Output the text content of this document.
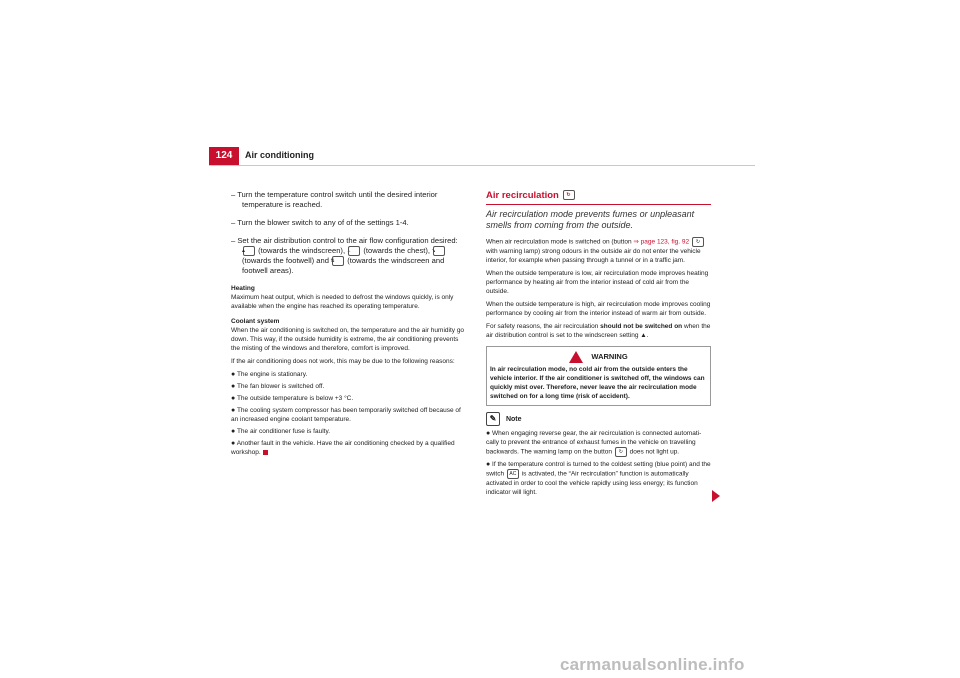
124	Air conditioning
– Turn the temperature control switch until the desired interior temperature is reached.
– Turn the blower switch to any of of the settings 1-4.
– Set the air distribution control to the air flow configuration desired: ▲ (towards the windscreen), → (towards the chest), ↘ (towards the footwell) and ⇅ (towards the windscreen and footwell areas).
Heating

Maximum heat output, which is needed to defrost the windows quickly, is only available when the engine has reached its operating temperature.

Coolant system

When the air conditioning is switched on, the temperature and the air humidity go down. This way, if the outside humidity is extreme, the air conditioning prevents the misting of the windows and therefore, comfort is improved.

If the air conditioning does not work, this may be due to the following reasons:

● The engine is stationary.
● The fan blower is switched off.
● The outside temperature is below +3 °C.
● The cooling system compressor has been temporarily switched off because of an increased engine coolant temperature.
● The air conditioner fuse is faulty.
● Another fault in the vehicle. Have the air conditioning checked by a qualified workshop.
Air recirculation ↻
Air recirculation mode prevents fumes or unpleasant smells from coming from the outside.

When air recirculation mode is switched on (button ⇒ page 123, fig. 92 ↻ with warning lamp) strong odours in the outside air do not enter the vehicle interior, for example when passing through a tunnel or in a traffic jam.

When the outside temperature is low, air recirculation mode improves heating performance by heating air from the interior instead of cold air from the outside.

When the outside temperature is high, air recirculation mode improves cooling performance by cooling air from the interior instead of warm air from outside.

For safety reasons, the air recirculation should not be switched on when the air distribution control is set to the windscreen setting ▲.

WARNING
In air recirculation mode, no cold air from the outside enters the vehicle interior. If the air conditioner is switched off, the windows can quickly mist over. Therefore, never leave the air recirculation mode switched on for a long time (risk of accident).
✎ Note
● When engaging reverse gear, the air recirculation is connected automatically to prevent the entrance of exhaust fumes in the vehicle on travelling backwards. The warning lamp on the button ↻ does not light up.
● If the temperature control is turned to the coldest setting (blue point) and the switch AC is activated, the “Air recirculation” function is automatically activated in order to cool the vehicle rapidly using less energy; its function indicator will light.
carmanualsonline.info
